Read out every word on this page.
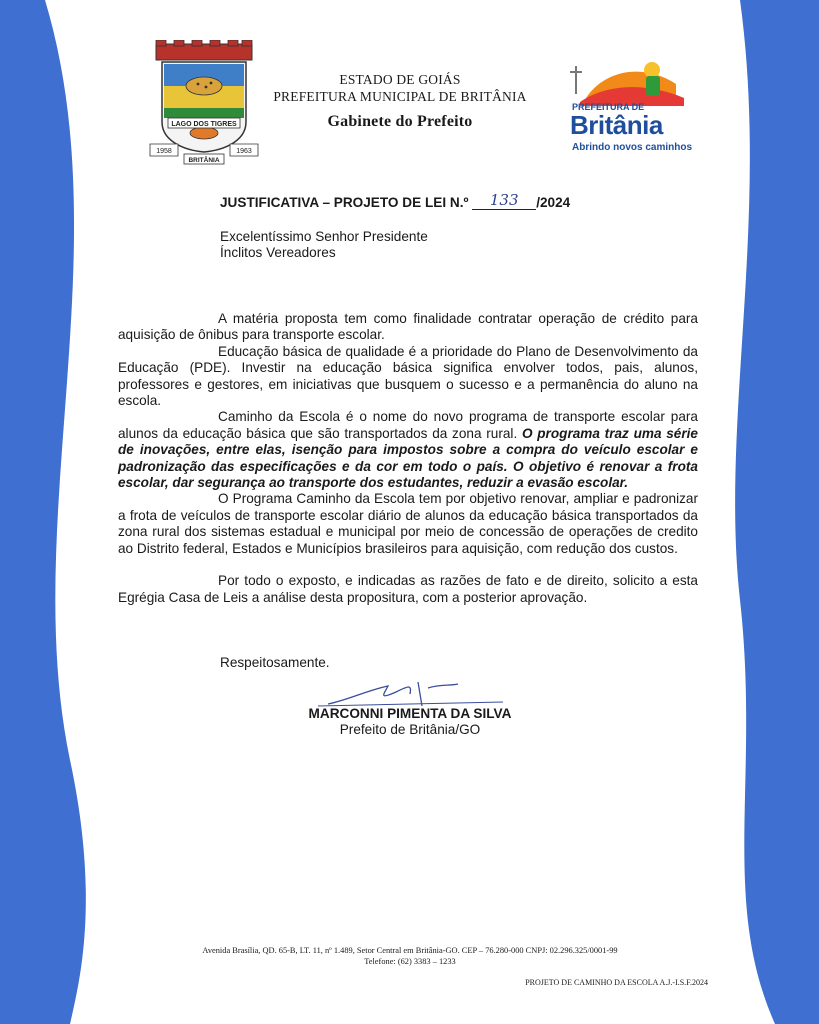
LAGO DOS TIGRES
1958	1963
BRITÂNIA
ESTADO DE GOIÁS
PREFEITURA MUNICIPAL DE BRITÂNIA
Gabinete do Prefeito
PREFEITURA DE
Britânia
Abrindo novos caminhos
JUSTIFICATIVA – PROJETO DE LEI N.º 133 /2024
Excelentíssimo Senhor Presidente
Ínclitos Vereadores

A matéria proposta tem como finalidade contratar operação de crédito para aquisição de ônibus para transporte escolar.

Educação básica de qualidade é a prioridade do Plano de Desenvolvimento da Educação (PDE). Investir na educação básica significa envolver todos, pais, alunos, professores e gestores, em iniciativas que busquem o sucesso e a permanência do aluno na escola.

Caminho da Escola é o nome do novo programa de transporte escolar para alunos da educação básica que são transportados da zona rural. O programa traz uma série de inovações, entre elas, isenção para impostos sobre a compra do veículo escolar e padronização das especificações e da cor em todo o país. O objetivo é renovar a frota escolar, dar segurança ao transporte dos estudantes, reduzir a evasão escolar.

O Programa Caminho da Escola tem por objetivo renovar, ampliar e padronizar a frota de veículos de transporte escolar diário de alunos da educação básica transportados da zona rural dos sistemas estadual e municipal por meio de concessão de operações de credito ao Distrito federal, Estados e Municípios brasileiros para aquisição, com redução dos custos.

Por todo o exposto, e indicadas as razões de fato e de direito, solicito a esta Egrégia Casa de Leis a análise desta propositura, com a posterior aprovação.

Respeitosamente.
MARCONNI PIMENTA DA SILVA
Prefeito de Britânia/GO
Avenida Brasília, QD. 65-B, LT. 11, nº 1.489, Setor Central em Britânia-GO. CEP – 76.280-000 CNPJ: 02.296.325/0001-99
Telefone: (62) 3383 – 1233
PROJETO DE CAMINHO DA ESCOLA A.J.-I.S.F.2024
